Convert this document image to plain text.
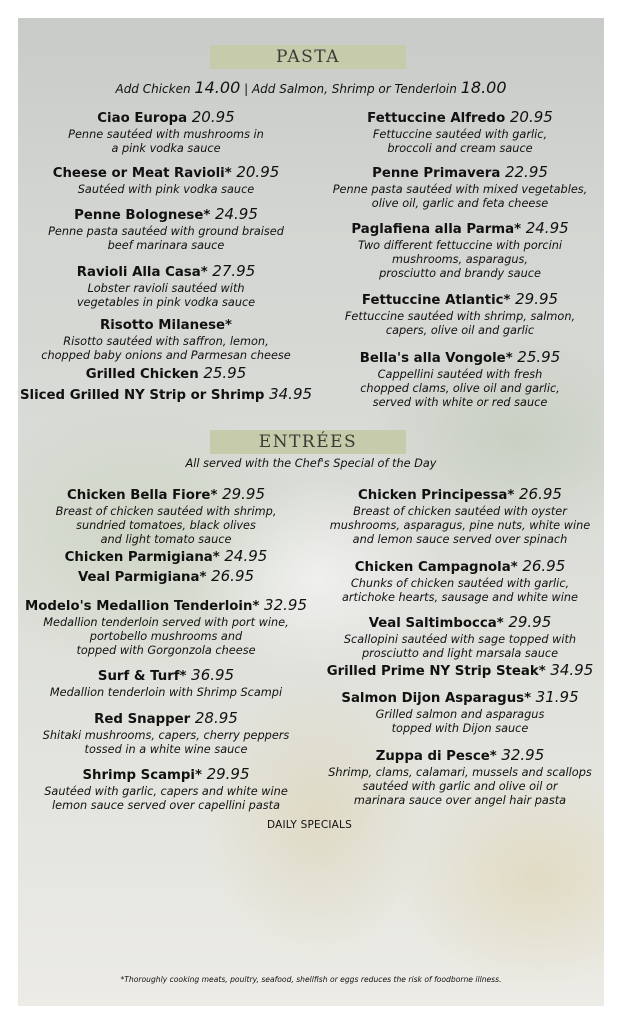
PASTA
Add Chicken 14.00 | Add Salmon, Shrimp or Tenderloin 18.00
Ciao Europa 20.95
Penne sautéed with mushrooms in
a pink vodka sauce
Cheese or Meat Ravioli* 20.95
Sautéed with pink vodka sauce
Penne Bolognese* 24.95
Penne pasta sautéed with ground braised
beef marinara sauce
Ravioli Alla Casa* 27.95
Lobster ravioli sautéed with
vegetables in pink vodka sauce
Risotto Milanese*
Risotto sautéed with saffron, lemon,
chopped baby onions and Parmesan cheese
Grilled Chicken 25.95
Sliced Grilled NY Strip or Shrimp 34.95
Fettuccine Alfredo 20.95
Fettuccine sautéed with garlic,
broccoli and cream sauce
Penne Primavera 22.95
Penne pasta sautéed with mixed vegetables,
olive oil, garlic and feta cheese
Paglafiena alla Parma* 24.95
Two different fettuccine with porcini
mushrooms, asparagus,
prosciutto and brandy sauce
Fettuccine Atlantic* 29.95
Fettuccine sautéed with shrimp, salmon,
capers, olive oil and garlic
Bella's alla Vongole* 25.95
Cappellini sautéed with fresh
chopped clams, olive oil and garlic,
served with white or red sauce
ENTRÉES
All served with the Chef's Special of the Day
Chicken Bella Fiore* 29.95
Breast of chicken sautéed with shrimp,
sundried tomatoes, black olives
and light tomato sauce
Chicken Parmigiana* 24.95
Veal Parmigiana* 26.95
Modelo's Medallion Tenderloin* 32.95
Medallion tenderloin served with port wine,
portobello mushrooms and
topped with Gorgonzola cheese
Surf & Turf* 36.95
Medallion tenderloin with Shrimp Scampi
Red Snapper 28.95
Shitaki mushrooms, capers, cherry peppers
tossed in a white wine sauce
Shrimp Scampi* 29.95
Sautéed with garlic, capers and white wine
lemon sauce served over capellini pasta
Chicken Principessa* 26.95
Breast of chicken sautéed with oyster
mushrooms, asparagus, pine nuts, white wine
and lemon sauce served over spinach
Chicken Campagnola* 26.95
Chunks of chicken sautéed with garlic,
artichoke hearts, sausage and white wine
Veal Saltimbocca* 29.95
Scallopini sautéed with sage topped with
prosciutto and light marsala sauce
Grilled Prime NY Strip Steak* 34.95
Salmon Dijon Asparagus* 31.95
Grilled salmon and asparagus
topped with Dijon sauce
Zuppa di Pesce* 32.95
Shrimp, clams, calamari, mussels and scallops
sautéed with garlic and olive oil or
marinara sauce over angel hair pasta
DAILY SPECIALS
*Thoroughly cooking meats, poultry, seafood, shellfish or eggs reduces the risk of foodborne illness.
